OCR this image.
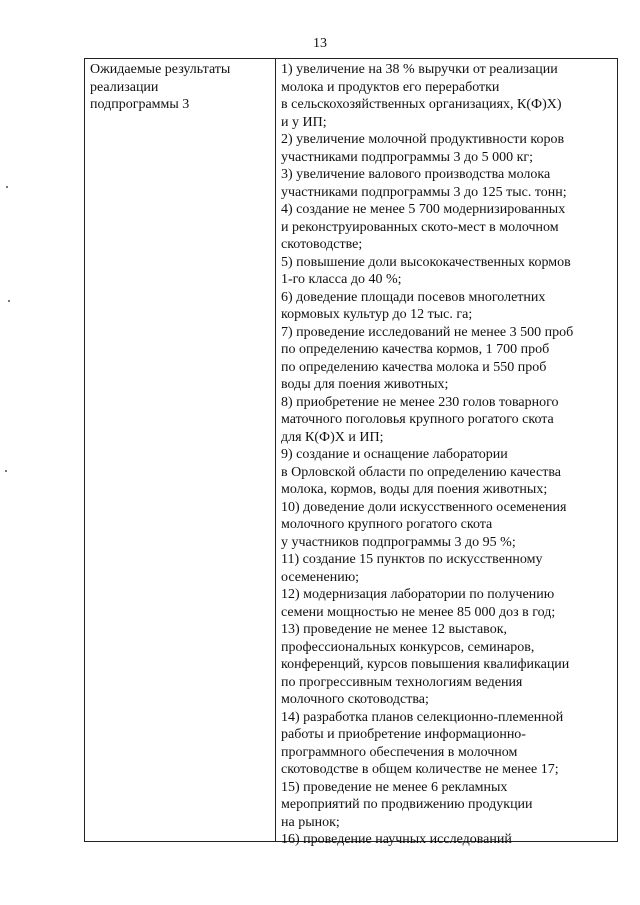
13
Ожидаемые результаты
реализации
подпрограммы 3
1) увеличение на 38 % выручки от реализации
молока и продуктов его переработки
в сельскохозяйственных организациях, К(Ф)Х)
и у ИП;
2) увеличение молочной продуктивности коров
участниками подпрограммы 3 до 5 000 кг;
3) увеличение валового производства молока
участниками подпрограммы 3 до 125 тыс. тонн;
4) создание не менее 5 700 модернизированных
и реконструированных ското-мест в молочном
скотоводстве;
5) повышение доли высококачественных кормов
1-го класса до 40 %;
6) доведение площади посевов многолетних
кормовых культур до 12 тыс. га;
7) проведение исследований не менее 3 500 проб
по определению качества кормов, 1 700 проб
по определению качества молока и 550 проб
воды для поения животных;
8) приобретение не менее 230 голов товарного
маточного поголовья крупного рогатого скота
для К(Ф)Х и ИП;
9) создание и оснащение лаборатории
в Орловской области по определению качества
молока, кормов, воды для поения животных;
10) доведение доли искусственного осеменения
молочного крупного рогатого скота
у участников подпрограммы 3 до 95 %;
11) создание 15 пунктов по искусственному
осеменению;
12) модернизация лаборатории по получению
семени мощностью не менее 85 000 доз в год;
13) проведение не менее 12 выставок,
профессиональных конкурсов, семинаров,
конференций, курсов повышения квалификации
по прогрессивным технологиям ведения
молочного скотоводства;
14) разработка планов селекционно-племенной
работы и приобретение информационно-
программного обеспечения в молочном
скотоводстве в общем количестве не менее 17;
15) проведение не менее 6 рекламных
мероприятий по продвижению продукции
на рынок;
16) проведение научных исследований
